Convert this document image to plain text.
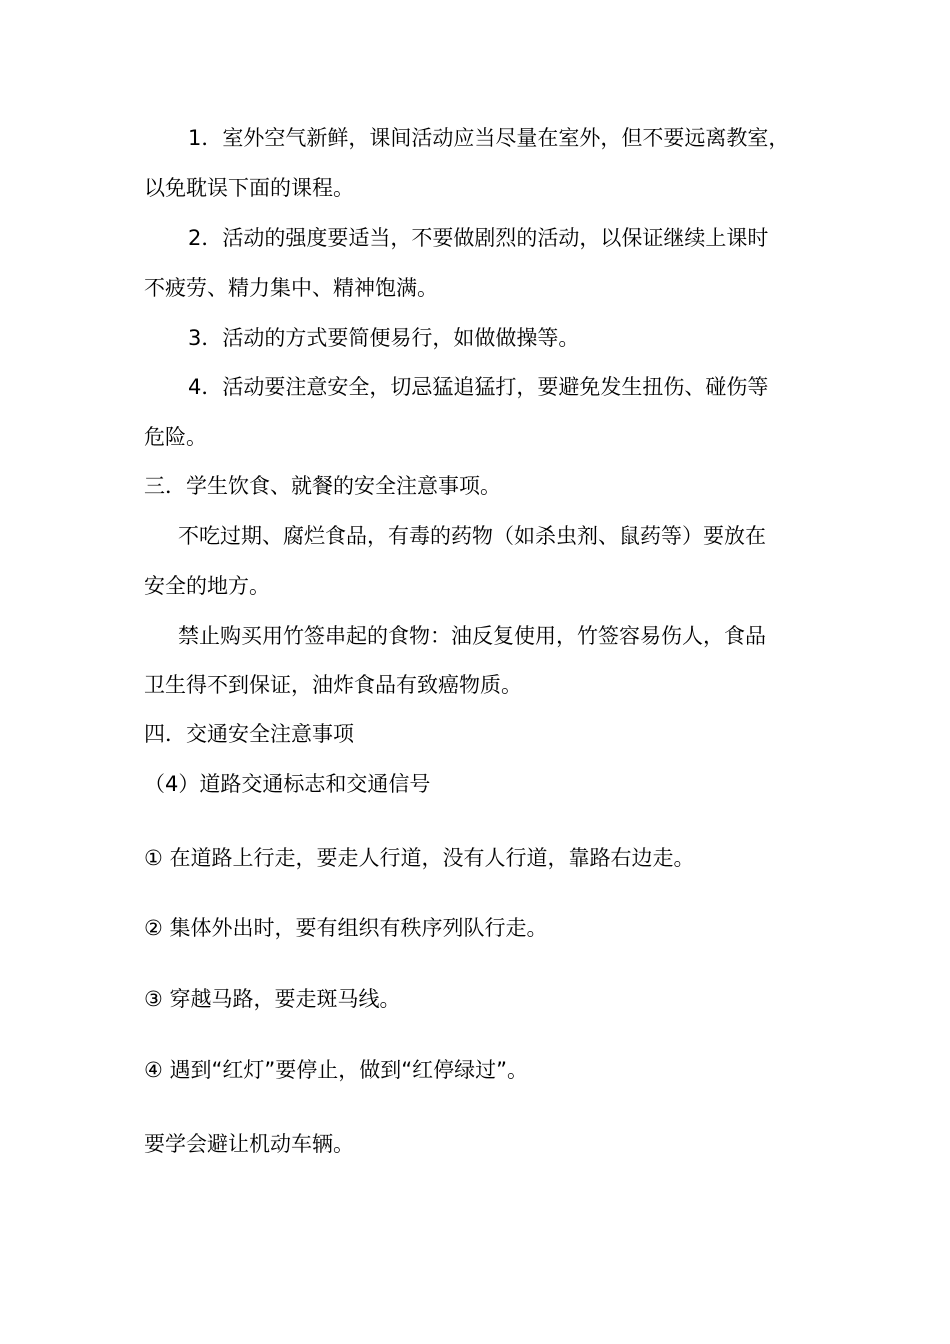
1．室外空气新鲜，课间活动应当尽量在室外，但不要远离教室，

以免耽误下面的课程。

2．活动的强度要适当，不要做剧烈的活动，以保证继续上课时

不疲劳、精力集中、精神饱满。

3．活动的方式要简便易行，如做做操等。

4．活动要注意安全，切忌猛追猛打，要避免发生扭伤、碰伤等

危险。

三．学生饮食、就餐的安全注意事项。

不吃过期、腐烂食品，有毒的药物（如杀虫剂、鼠药等）要放在

安全的地方。

禁止购买用竹签串起的食物：油反复使用，竹签容易伤人，食品

卫生得不到保证，油炸食品有致癌物质。

四．交通安全注意事项

（4）道路交通标志和交通信号

① 在道路上行走，要走人行道，没有人行道，靠路右边走。

② 集体外出时，要有组织有秩序列队行走。

③ 穿越马路，要走斑马线。

④ 遇到“红灯”要停止，做到“红停绿过”。

要学会避让机动车辆。
